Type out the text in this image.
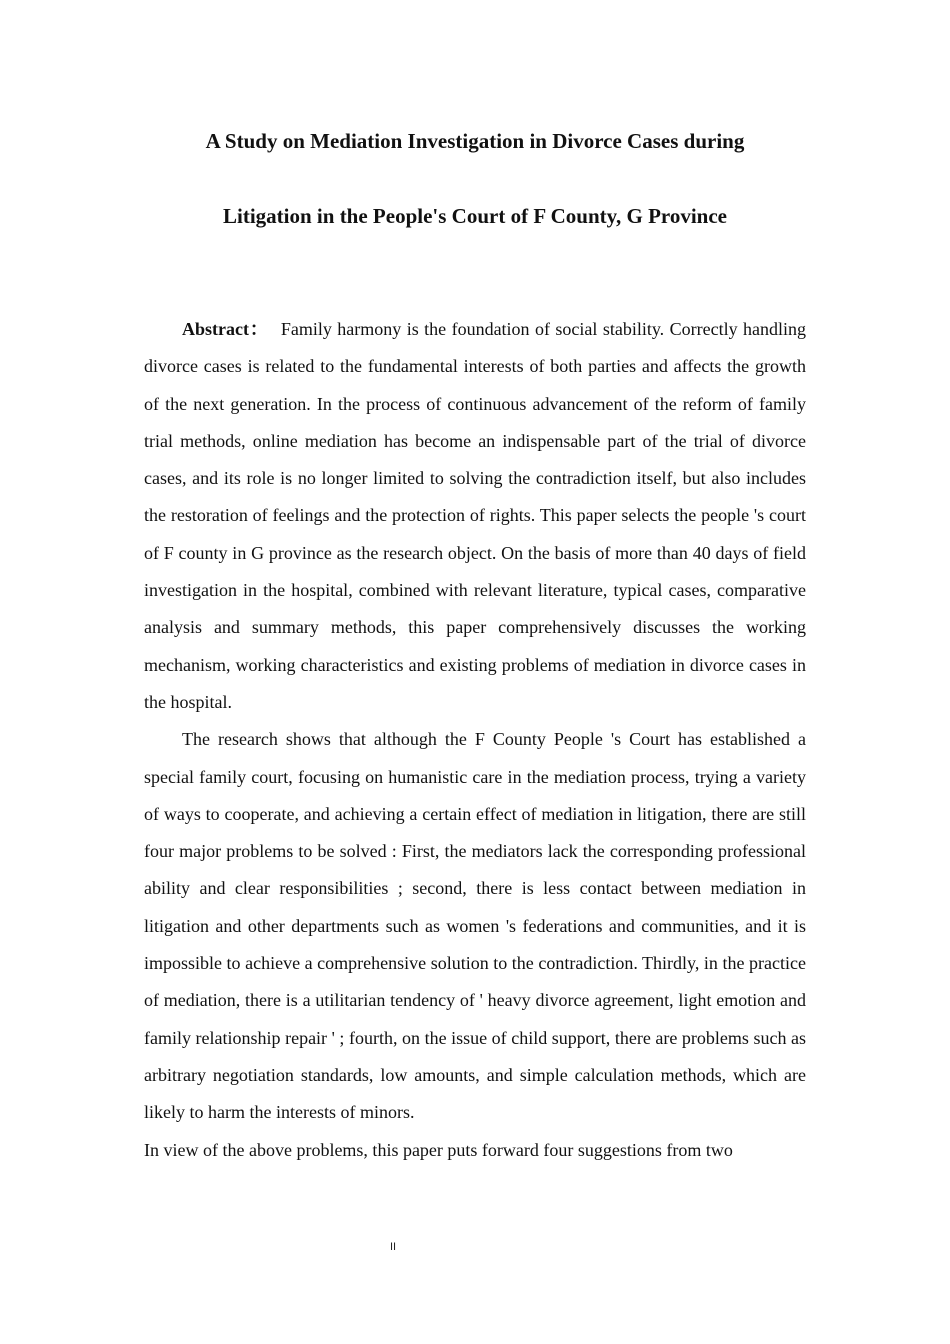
A Study on Mediation Investigation in Divorce Cases during
Litigation in the People's Court of F County, G Province

Abstract： Family harmony is the foundation of social stability. Correctly handling divorce cases is related to the fundamental interests of both parties and affects the growth of the next generation. In the process of continuous advancement of the reform of family trial methods, online mediation has become an indispensable part of the trial of divorce cases, and its role is no longer limited to solving the contradiction itself, but also includes the restoration of feelings and the protection of rights. This paper selects the people 's court of F county in G province as the research object. On the basis of more than 40 days of field investigation in the hospital, combined with relevant literature, typical cases, comparative analysis and summary methods, this paper comprehensively discusses the working mechanism, working characteristics and existing problems of mediation in divorce cases in the hospital.

The research shows that although the F County People 's Court has established a special family court, focusing on humanistic care in the mediation process, trying a variety of ways to cooperate, and achieving a certain effect of mediation in litigation, there are still four major problems to be solved : First, the mediators lack the corresponding professional ability and clear responsibilities ; second, there is less contact between mediation in litigation and other departments such as women 's federations and communities, and it is impossible to achieve a comprehensive solution to the contradiction. Thirdly, in the practice of mediation, there is a utilitarian tendency of ' heavy divorce agreement, light emotion and family relationship repair ' ; fourth, on the issue of child support, there are problems such as arbitrary negotiation standards, low amounts, and simple calculation methods, which are likely to harm the interests of minors.

In view of the above problems, this paper puts forward four suggestions from two

II
